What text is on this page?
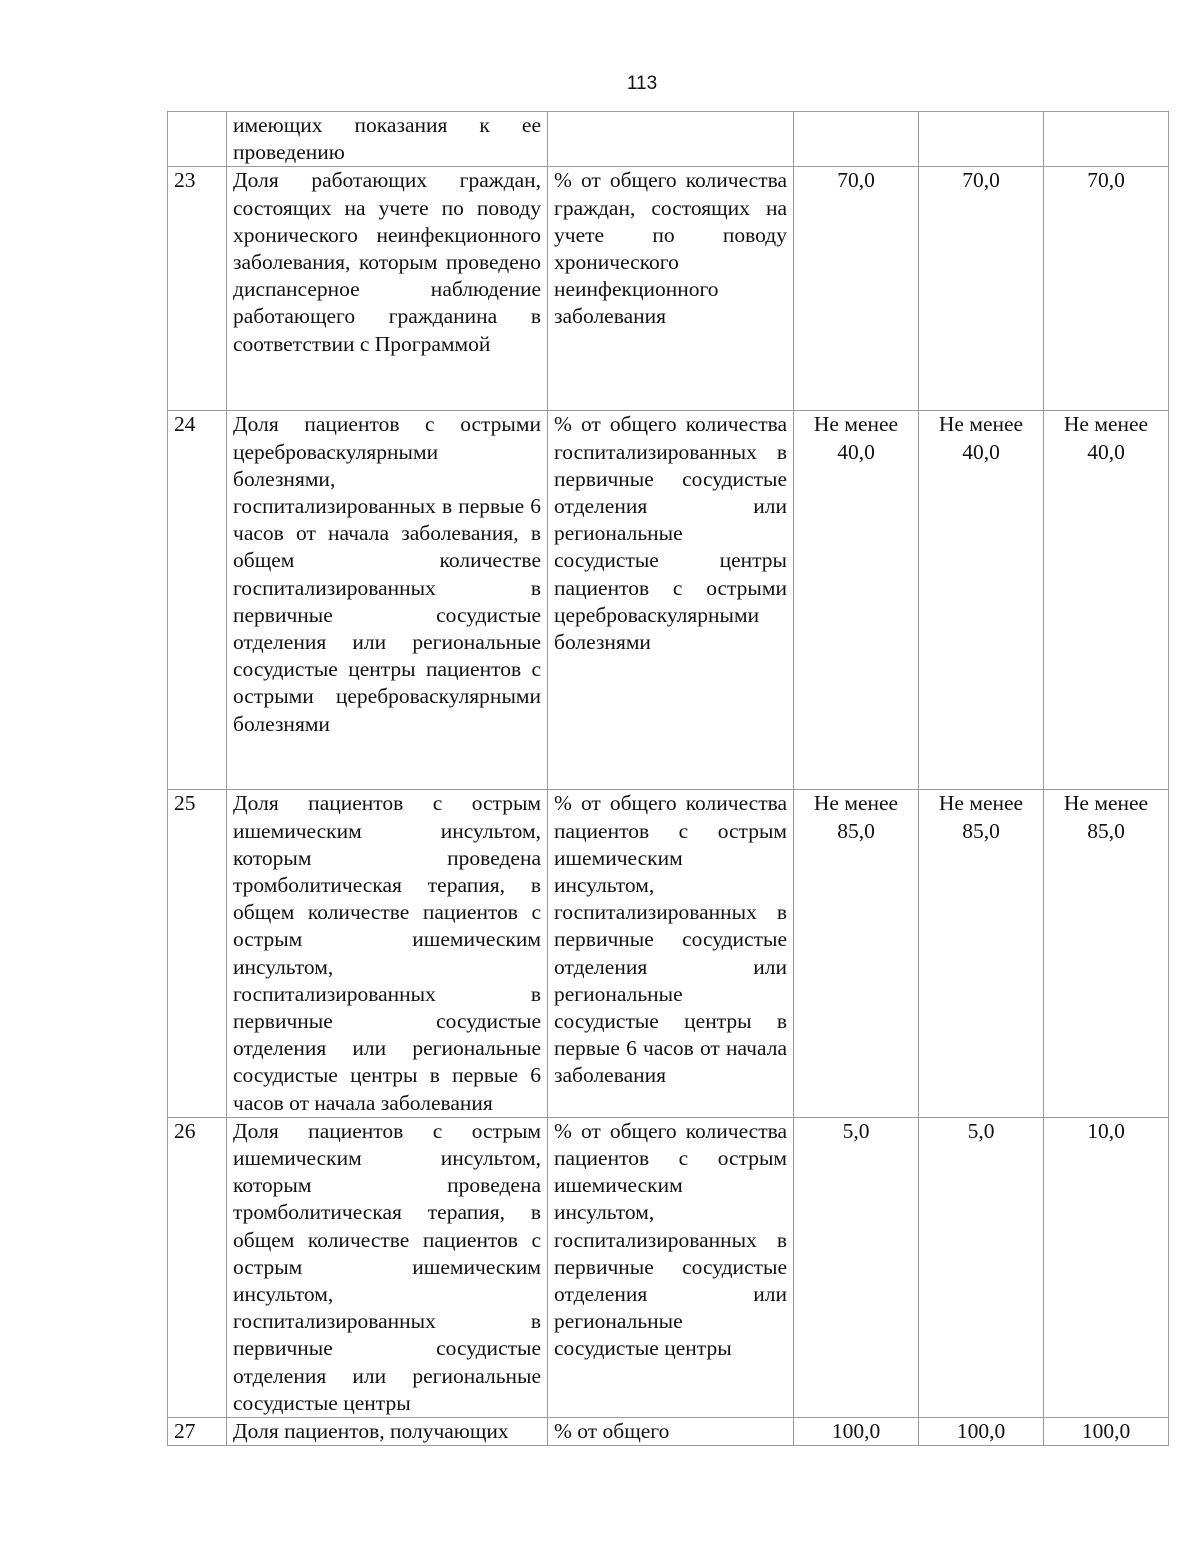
113
	имеющих показания к ее проведению				
23	Доля работающих граждан, состоящих на учете по поводу хронического неинфекционного заболевания, которым проведено диспансерное наблюдение работающего гражданина в соответствии с Программой	% от общего количества граждан, состоящих на учете по поводу хронического неинфекционного заболевания	70,0	70,0	70,0
24	Доля пациентов с острыми цереброваскулярными болезнями, госпитализированных в первые 6 часов от начала заболевания, в общем количестве госпитализированных в первичные сосудистые отделения или региональные сосудистые центры пациентов с острыми цереброваскулярными болезнями	% от общего количества госпитализированных в первичные сосудистые отделения или региональные сосудистые центры пациентов с острыми цереброваскулярными болезнями	Не менее 40,0	Не менее 40,0	Не менее 40,0
25	Доля пациентов с острым ишемическим инсультом, которым проведена тромболитическая терапия, в общем количестве пациентов с острым ишемическим инсультом, госпитализированных в первичные сосудистые отделения или региональные сосудистые центры в первые 6 часов от начала заболевания	% от общего количества пациентов с острым ишемическим инсультом, госпитализированных в первичные сосудистые отделения или региональные сосудистые центры в первые 6 часов от начала заболевания	Не менее 85,0	Не менее 85,0	Не менее 85,0
26	Доля пациентов с острым ишемическим инсультом, которым проведена тромболитическая терапия, в общем количестве пациентов с острым ишемическим инсультом, госпитализированных в первичные сосудистые отделения или региональные сосудистые центры	% от общего количества пациентов с острым ишемическим инсультом, госпитализированных в первичные сосудистые отделения или региональные сосудистые центры	5,0	5,0	10,0
27	Доля пациентов, получающих	% от общего	100,0	100,0	100,0
